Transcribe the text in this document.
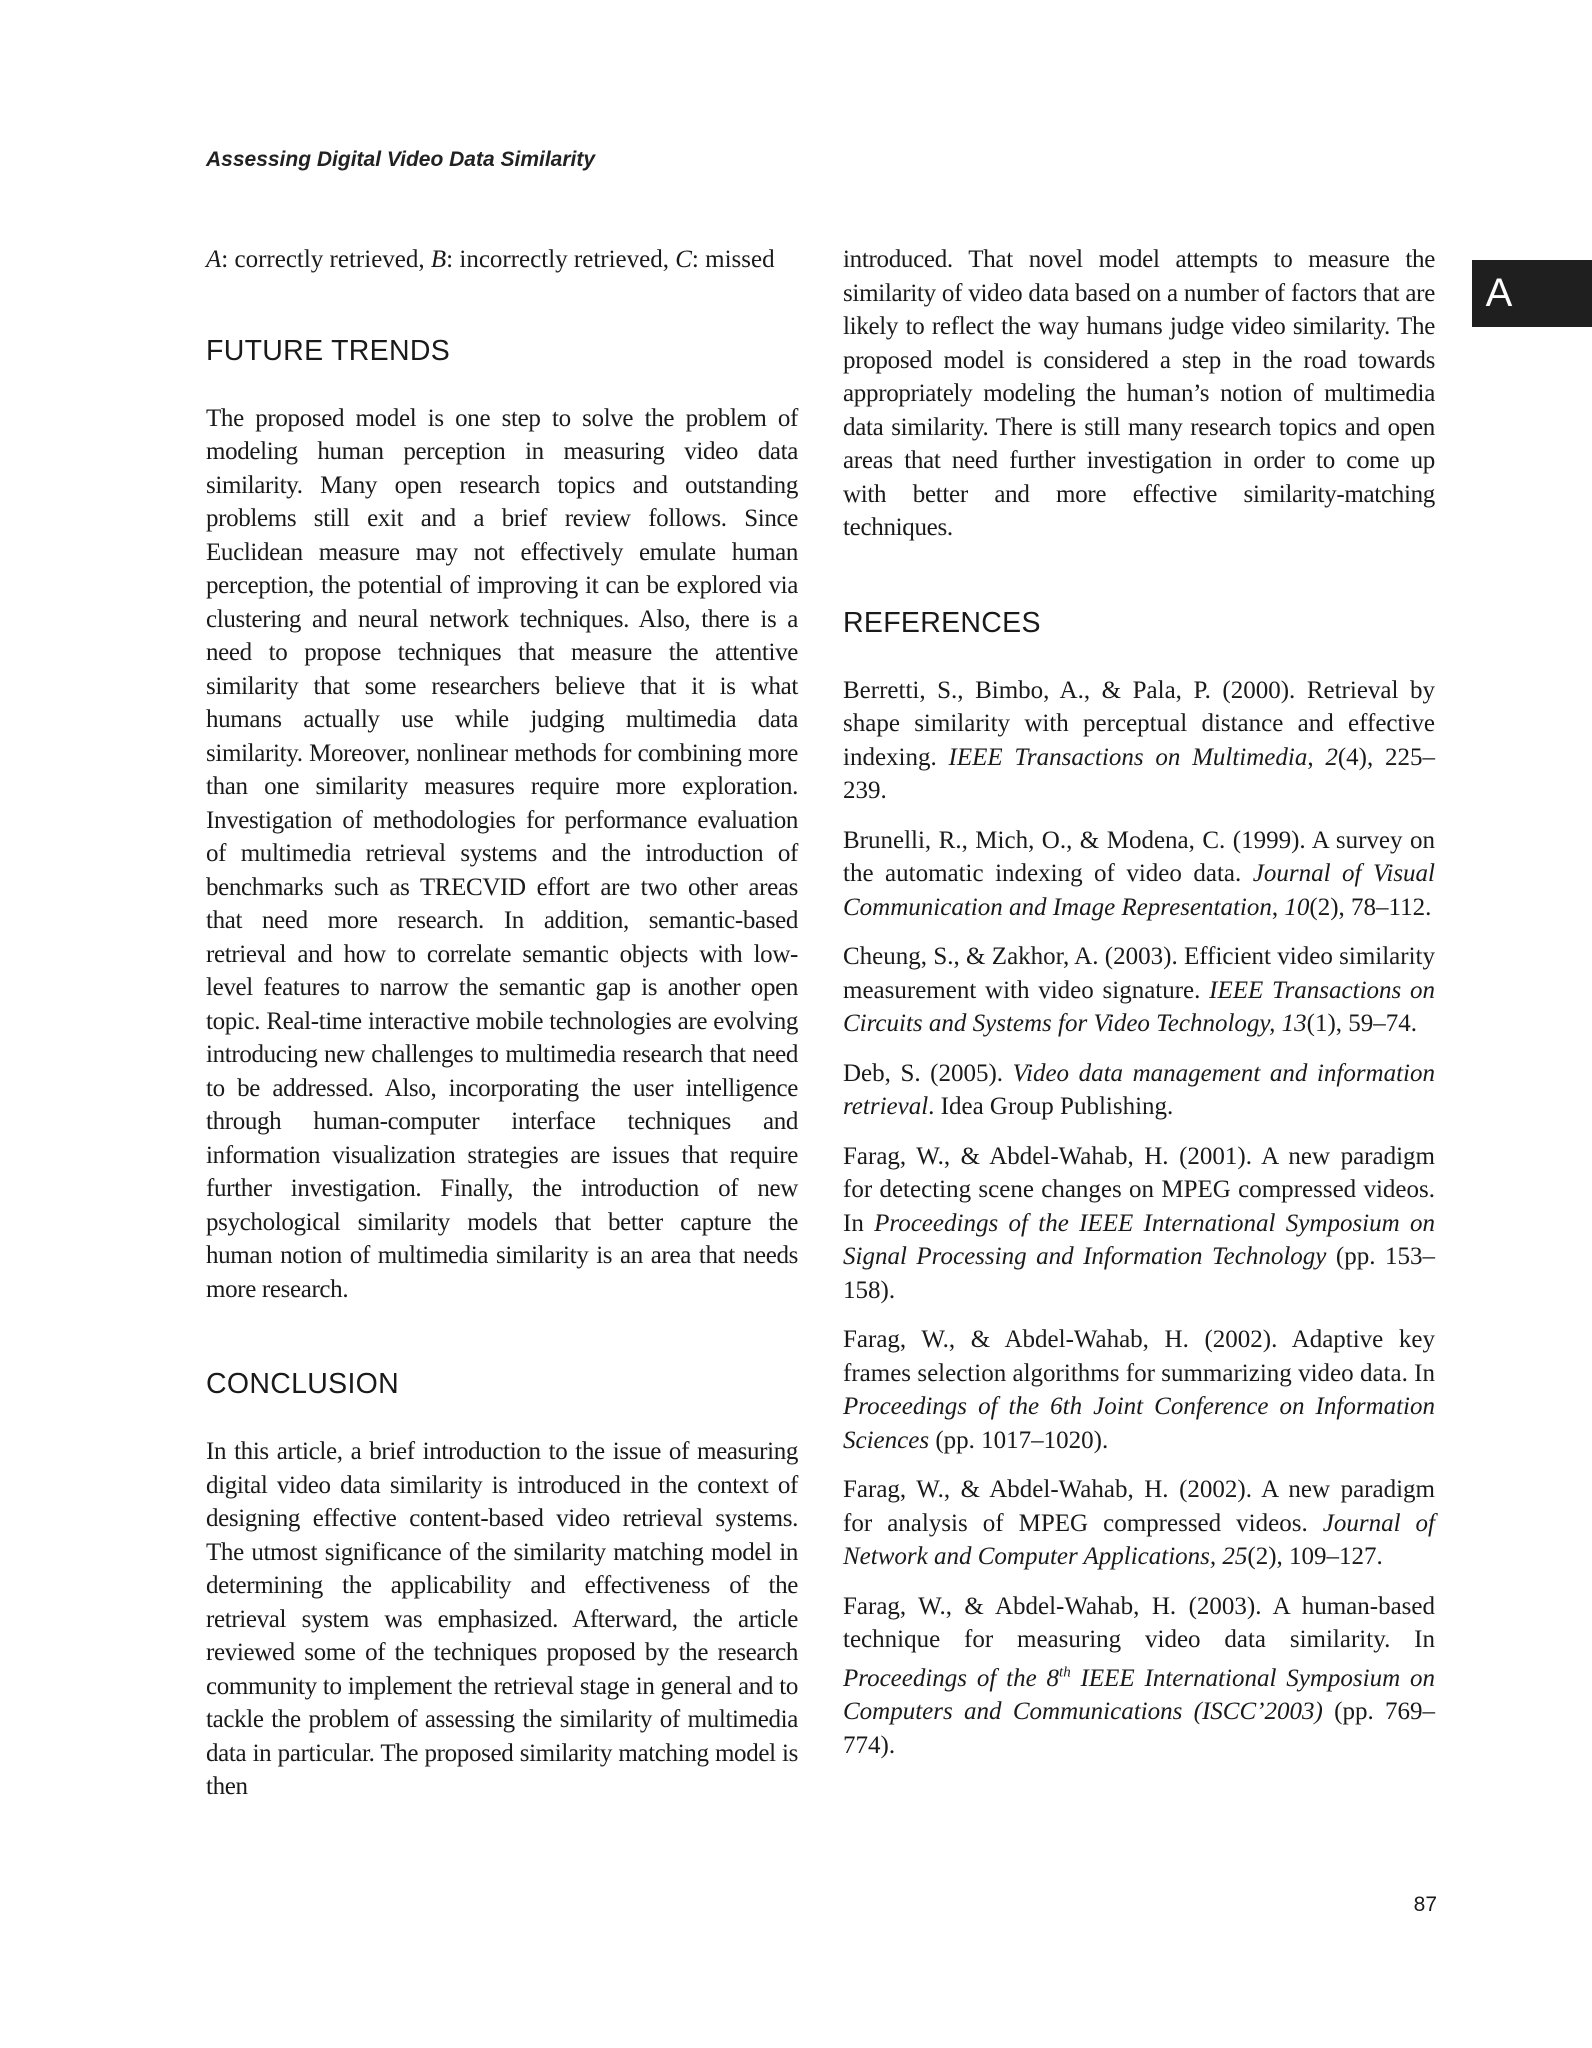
Assessing Digital Video Data Similarity
A

A: correctly retrieved, B: incorrectly retrieved, C: missed

FUTURE TRENDS

The proposed model is one step to solve the problem of modeling human perception in measuring video data similarity. Many open research topics and outstanding problems still exit and a brief review follows. Since Euclidean measure may not effectively emulate human perception, the potential of improving it can be explored via clustering and neural network techniques. Also, there is a need to propose techniques that measure the attentive similarity that some researchers believe that it is what humans actually use while judging multimedia data similarity. Moreover, nonlinear methods for combining more than one similarity measures require more exploration. Investigation of methodologies for performance evaluation of multimedia retrieval systems and the introduction of benchmarks such as TRECVID effort are two other areas that need more research. In addition, semantic-based retrieval and how to correlate semantic objects with low-level features to narrow the semantic gap is another open topic. Real-time interactive mobile technologies are evolving introducing new challenges to multimedia research that need to be addressed. Also, incorporating the user intelligence through human-computer interface techniques and information visualization strategies are issues that require further investigation. Finally, the introduction of new psychological similarity models that better capture the human notion of multimedia similarity is an area that needs more research.

CONCLUSION

In this article, a brief introduction to the issue of measuring digital video data similarity is introduced in the context of designing effective content-based video retrieval systems. The utmost significance of the similarity matching model in determining the applicability and effectiveness of the retrieval system was emphasized. Afterward, the article reviewed some of the techniques proposed by the research community to implement the retrieval stage in general and to tackle the problem of assessing the similarity of multimedia data in particular. The proposed similarity matching model is then

introduced. That novel model attempts to measure the similarity of video data based on a number of factors that are likely to reflect the way humans judge video similarity. The proposed model is considered a step in the road towards appropriately modeling the human’s notion of multimedia data similarity. There is still many research topics and open areas that need further investigation in order to come up with better and more effective similarity-matching techniques.

REFERENCES
Berretti, S., Bimbo, A., & Pala, P. (2000). Retrieval by shape similarity with perceptual distance and effective indexing. IEEE Transactions on Multimedia, 2(4), 225–239.
Brunelli, R., Mich, O., & Modena, C. (1999). A survey on the automatic indexing of video data. Journal of Visual Communication and Image Representation, 10(2), 78–112.
Cheung, S., & Zakhor, A. (2003). Efficient video similarity measurement with video signature. IEEE Transactions on Circuits and Systems for Video Technology, 13(1), 59–74.
Deb, S. (2005). Video data management and information retrieval. Idea Group Publishing.
Farag, W., & Abdel-Wahab, H. (2001). A new paradigm for detecting scene changes on MPEG compressed videos. In Proceedings of the IEEE International Symposium on Signal Processing and Information Technology (pp. 153–158).
Farag, W., & Abdel-Wahab, H. (2002). Adaptive key frames selection algorithms for summarizing video data. In Proceedings of the 6th Joint Conference on Information Sciences (pp. 1017–1020).
Farag, W., & Abdel-Wahab, H. (2002). A new paradigm for analysis of MPEG compressed videos. Journal of Network and Computer Applications, 25(2), 109–127.
Farag, W., & Abdel-Wahab, H. (2003). A human-based technique for measuring video data similarity. In Proceedings of the 8th IEEE International Symposium on Computers and Communications (ISCC’2003) (pp. 769–774).
87
